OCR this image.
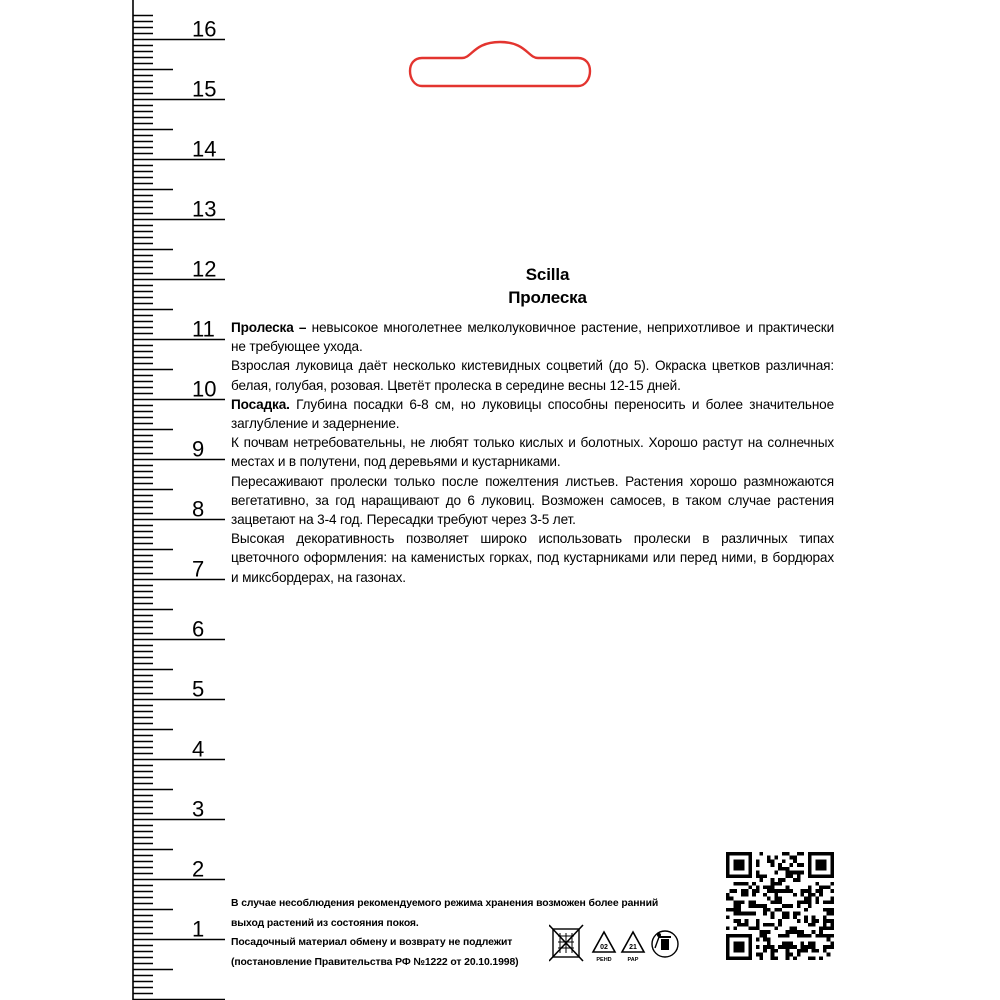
16
15
14
13
12
11
10
9
8
7
6
5
4
3
2
1
Scilla
Пролеска

Пролеска – невысокое многолетнее мелколуковичное растение, неприхотливое и практически не требующее ухода.

Взрослая луковица даёт несколько кистевидных соцветий (до 5). Окраска цветков различная: белая, голубая, розовая. Цветёт пролеска в середине весны 12-15 дней.

Посадка. Глубина посадки 6-8 см, но луковицы способны переносить и более значительное заглубление и задернение.

К почвам нетребовательны, не любят только кислых и болотных. Хорошо растут на солнечных местах и в полутени, под деревьями и кустарниками.

Пересаживают пролески только после пожелтения листьев. Растения хорошо размножаются вегетативно, за год наращивают до 6 луковиц. Возможен самосев, в таком случае растения зацветают на 3-4 год. Пересадки требуют через 3-5 лет.

Высокая декоративность позволяет широко использовать пролески в различных типах цветочного оформления: на каменистых горках, под кустарниками или перед ними, в бордюрах и миксбордерах, на газонах.

В случае несоблюдения рекомендуемого режима хранения возможен более ранний
выход растений из состояния покоя.
Посадочный материал обмену и возврату не подлежит
(постановление Правительства РФ №1222 от 20.10.1998)
02
PEHD
21
PAP
